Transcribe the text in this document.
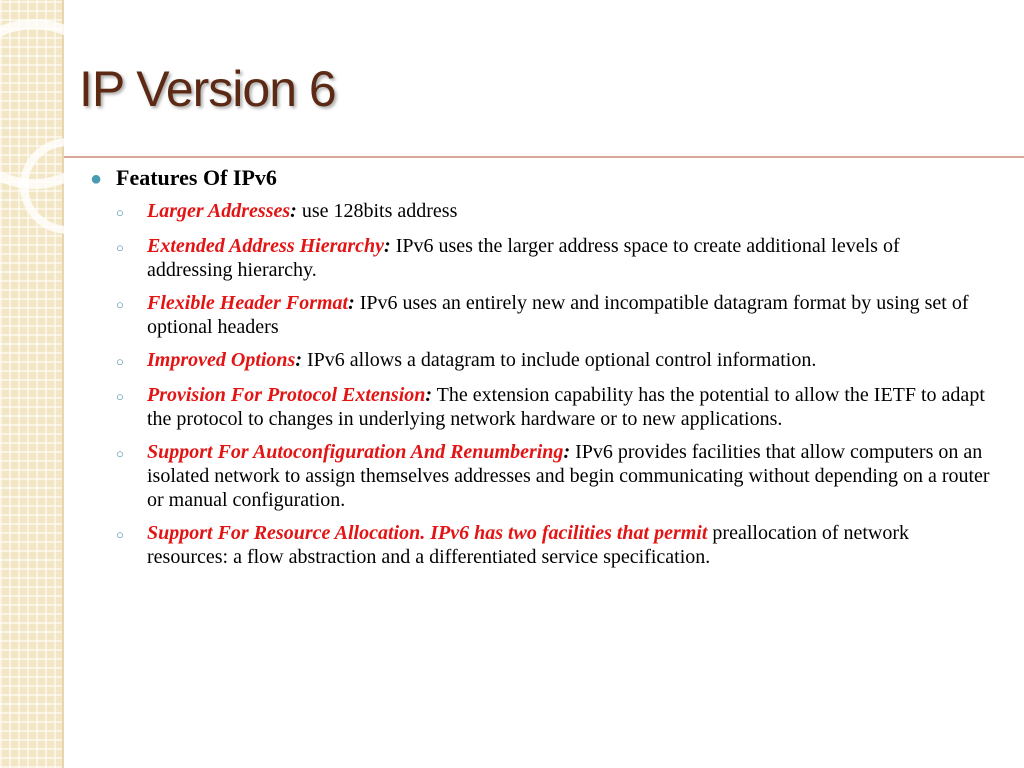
IP Version 6
● Features Of IPv6
○	Larger Addresses: use 128bits address
○	Extended Address Hierarchy: IPv6 uses the larger address space to create additional levels of addressing hierarchy.
○	Flexible Header Format: IPv6 uses an entirely new and incompatible datagram format by using set of optional headers
○	Improved Options: IPv6 allows a datagram to include optional control information.
○	Provision For Protocol Extension: The extension capability has the potential to allow the IETF to adapt the protocol to changes in underlying network hardware or to new applications.
○	Support For Autoconfiguration And Renumbering: IPv6 provides facilities that allow computers on an isolated network to assign themselves addresses and begin communicating without depending on a router or manual configuration.
○	Support For Resource Allocation. IPv6 has two facilities that permit preallocation of network resources: a flow abstraction and a differentiated service specification.
